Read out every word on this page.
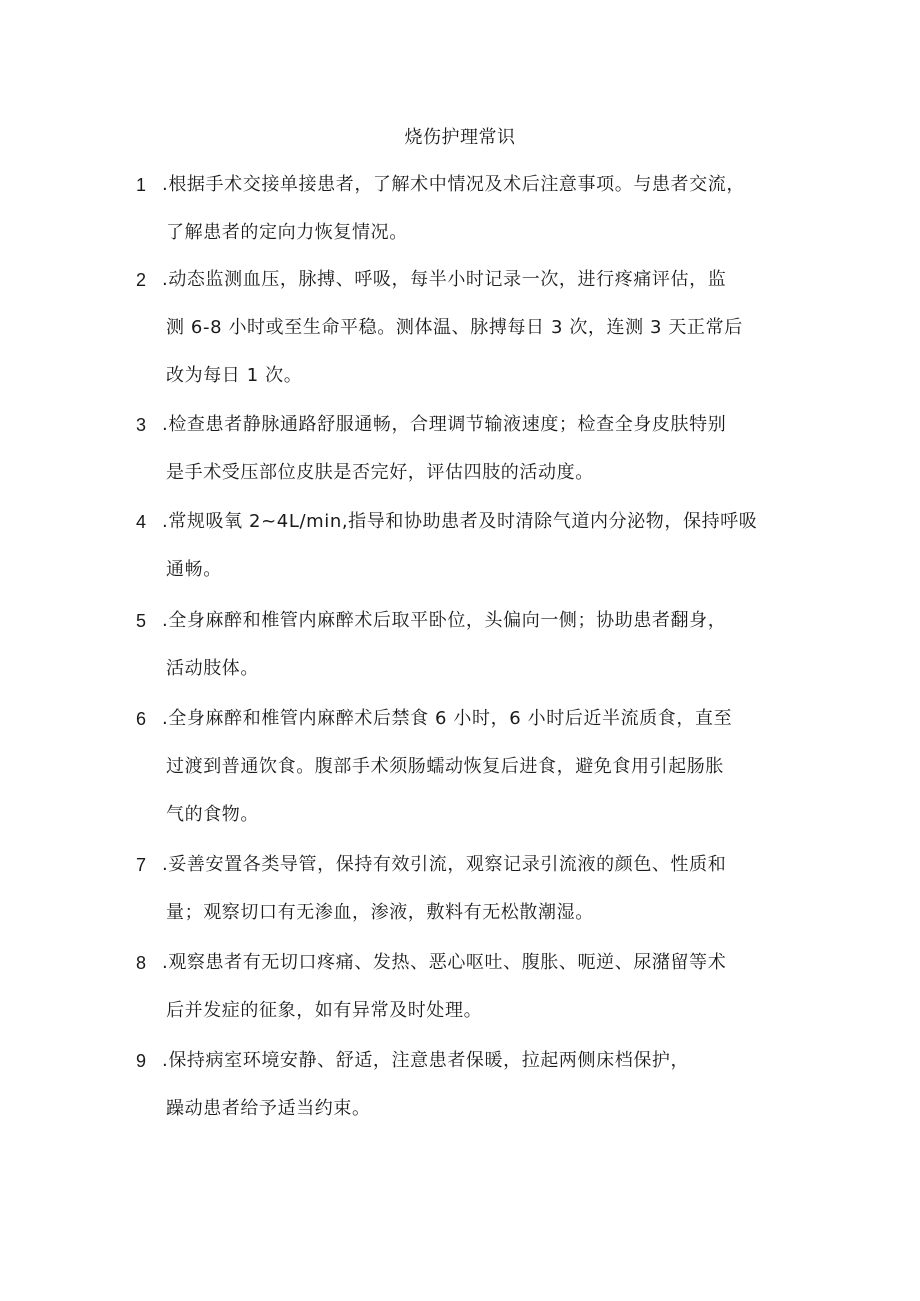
烧伤护理常识
1 .根据手术交接单接患者，了解术中情况及术后注意事项。与患者交流，
了解患者的定向力恢复情况。
2 .动态监测血压，脉搏、呼吸，每半小时记录一次，进行疼痛评估，监
测 6-8 小时或至生命平稳。测体温、脉搏每日 3 次，连测 3 天正常后
改为每日 1 次。
3 .检查患者静脉通路舒服通畅，合理调节输液速度；检查全身皮肤特别
是手术受压部位皮肤是否完好，评估四肢的活动度。
4 .常规吸氧 2~4L/min,指导和协助患者及时清除气道内分泌物，保持呼吸
通畅。
5 .全身麻醉和椎管内麻醉术后取平卧位，头偏向一侧；协助患者翻身，
活动肢体。
6 .全身麻醉和椎管内麻醉术后禁食 6 小时，6 小时后近半流质食，直至
过渡到普通饮食。腹部手术须肠蠕动恢复后进食，避免食用引起肠胀
气的食物。
7 .妥善安置各类导管，保持有效引流，观察记录引流液的颜色、性质和
量；观察切口有无渗血，渗液，敷料有无松散潮湿。
8 .观察患者有无切口疼痛、发热、恶心呕吐、腹胀、呃逆、尿潴留等术
后并发症的征象，如有异常及时处理。
9 .保持病室环境安静、舒适，注意患者保暖，拉起两侧床档保护，
躁动患者给予适当约束。
